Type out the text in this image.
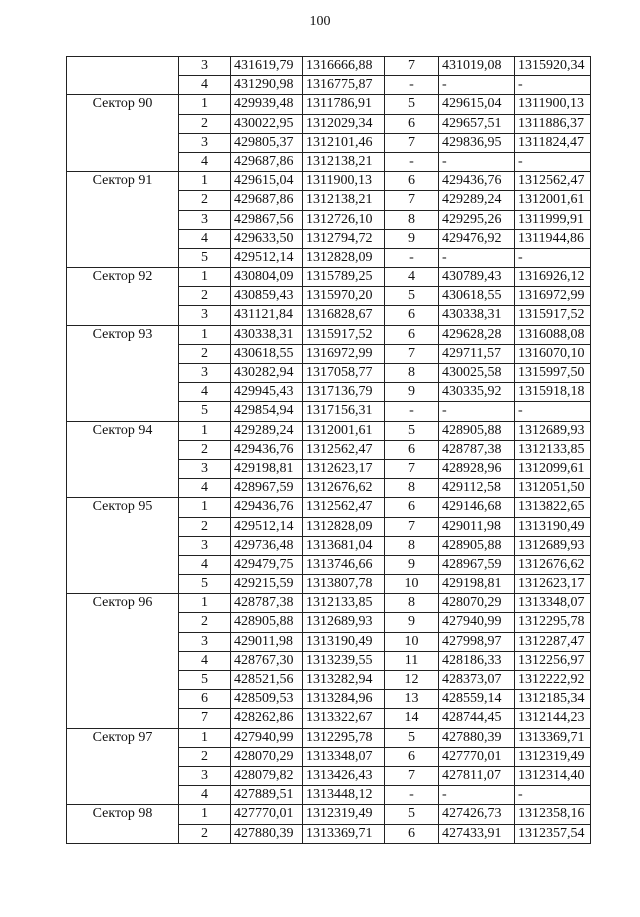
100
	3	431619,79	1316666,88	7	431019,08	1315920,34
	4	431290,98	1316775,87	-	-	-
Сектор 90	1	429939,48	1311786,91	5	429615,04	1311900,13
	2	430022,95	1312029,34	6	429657,51	1311886,37
	3	429805,37	1312101,46	7	429836,95	1311824,47
	4	429687,86	1312138,21	-	-	-
Сектор 91	1	429615,04	1311900,13	6	429436,76	1312562,47
	2	429687,86	1312138,21	7	429289,24	1312001,61
	3	429867,56	1312726,10	8	429295,26	1311999,91
	4	429633,50	1312794,72	9	429476,92	1311944,86
	5	429512,14	1312828,09	-	-	-
Сектор 92	1	430804,09	1315789,25	4	430789,43	1316926,12
	2	430859,43	1315970,20	5	430618,55	1316972,99
	3	431121,84	1316828,67	6	430338,31	1315917,52
Сектор 93	1	430338,31	1315917,52	6	429628,28	1316088,08
	2	430618,55	1316972,99	7	429711,57	1316070,10
	3	430282,94	1317058,77	8	430025,58	1315997,50
	4	429945,43	1317136,79	9	430335,92	1315918,18
	5	429854,94	1317156,31	-	-	-
Сектор 94	1	429289,24	1312001,61	5	428905,88	1312689,93
	2	429436,76	1312562,47	6	428787,38	1312133,85
	3	429198,81	1312623,17	7	428928,96	1312099,61
	4	428967,59	1312676,62	8	429112,58	1312051,50
Сектор 95	1	429436,76	1312562,47	6	429146,68	1313822,65
	2	429512,14	1312828,09	7	429011,98	1313190,49
	3	429736,48	1313681,04	8	428905,88	1312689,93
	4	429479,75	1313746,66	9	428967,59	1312676,62
	5	429215,59	1313807,78	10	429198,81	1312623,17
Сектор 96	1	428787,38	1312133,85	8	428070,29	1313348,07
	2	428905,88	1312689,93	9	427940,99	1312295,78
	3	429011,98	1313190,49	10	427998,97	1312287,47
	4	428767,30	1313239,55	11	428186,33	1312256,97
	5	428521,56	1313282,94	12	428373,07	1312222,92
	6	428509,53	1313284,96	13	428559,14	1312185,34
	7	428262,86	1313322,67	14	428744,45	1312144,23
Сектор 97	1	427940,99	1312295,78	5	427880,39	1313369,71
	2	428070,29	1313348,07	6	427770,01	1312319,49
	3	428079,82	1313426,43	7	427811,07	1312314,40
	4	427889,51	1313448,12	-	-	-
Сектор 98	1	427770,01	1312319,49	5	427426,73	1312358,16
	2	427880,39	1313369,71	6	427433,91	1312357,54
